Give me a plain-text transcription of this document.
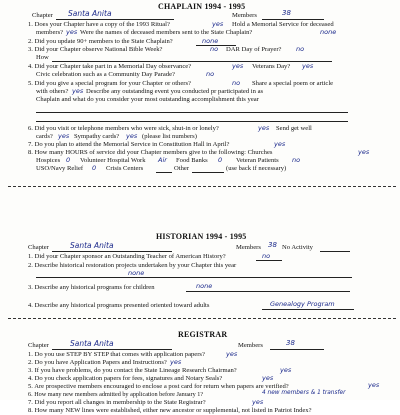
CHAPLAIN 1994 - 1995
Chapter Santa Anita	Members	38
1. Does your Chapter have a copy of the 1993 Ritual?	yes Hold a Memorial Service for deceased
members? yes Were the names of deceased members sent to the State Chaplain?	none
2. Did you update 90+ members to the State Chaplain?	none
3. Did your Chapter observe National Bible Week?	no DAR Day of Prayer? no
How
4. Did your Chapter take part in a Memorial Day observance?	yes Veterans Day? yes
Civic celebration such as a Community Day Parade?	no
5. Did you give a special program for your Chapter or others?	no Share a special poem or article
with others? yes Describe any outstanding event you conducted pr participated in as
Chaplain and what do you consider your most outstanding accomplishment this year
6. Did you visit or telephone members who were sick, shut-in or lonely?	yes Send get well
cards? yes Sympathy cards? yes (please list numbers)
7. Do you plan to attend the Memorial Service in Constitution Hall in April?	yes
8. How many HOURS of service did your Chapter members give to the following: Churches	yes
Hospices 0 Volunteer Hospital Work Air Food Banks 0 Veteran Patients no
USO/Navy Relief 0 Crisis Centers	Other	(use back if necessary)
HISTORIAN 1994 - 1995
Chapter	Santa Anita	Members 38 No Activity
1. Did your Chapter sponsor an Outstanding Teacher of American History?	no
2. Describe historical restoration projects undertaken by your Chapter this year
none
3. Describe any historical programs for children	none
4. Describe any historical programs presented oriented toward adults	Genealogy Program
REGISTRAR
Chapter	Santa Anita	Members	38
1. Do you use STEP BY STEP that comes with application papers?	yes
2. Do you have Application Papers and Instructions? yes
3. If you have problems, do you contact the State Lineage Research Chairman?	yes
4. Do you check application papers for fees, signatures and Notary Seals?	yes
5. Are prospective members encouraged to enclose a post card for return when papers are verified?	yes
6. How many new members admitted by application before January 1?	4 new members & 1 transfer
7. Did you report all changes in membership to the State Registrar?	yes
8. How many NEW lines were established, either new ancestor or supplemental, not listed in Patriot Index?
